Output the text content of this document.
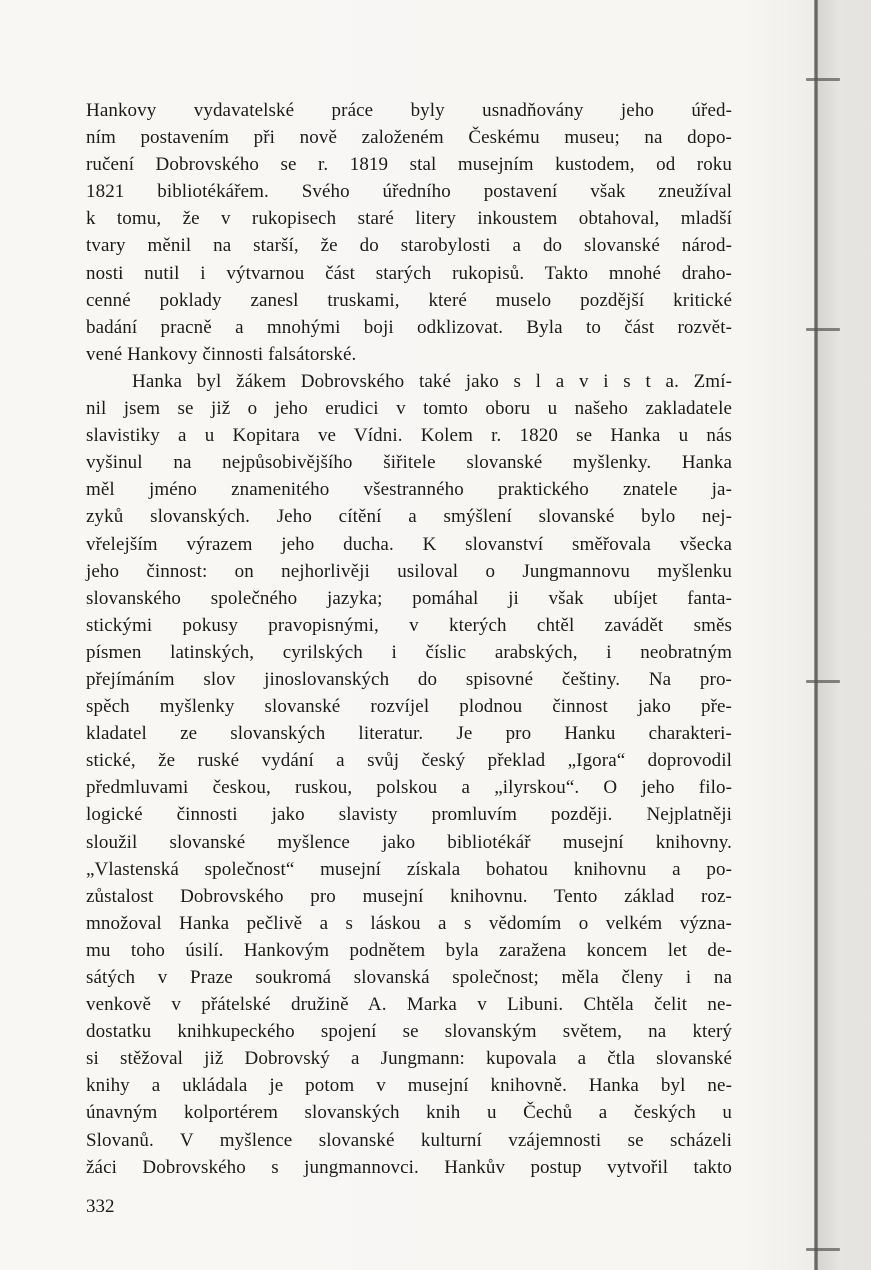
Hankovy vydavatelské práce byly usnadňovány jeho úřed-
ním postavením při nově založeném Českému museu; na dopo-
ručení Dobrovského se r. 1819 stal musejním kustodem, od roku
1821 bibliotékářem. Svého úředního postavení však zneužíval
k tomu, že v rukopisech staré litery inkoustem obtahoval, mladší
tvary měnil na starší, že do starobylosti a do slovanské národ-
nosti nutil i výtvarnou část starých rukopisů. Takto mnohé draho-
cenné poklady zanesl truskami, které muselo pozdější kritické
badání pracně a mnohými boji odklizovat. Byla to část rozvět-
vené Hankovy činnosti falsátorské.
Hanka byl žákem Dobrovského také jako s l a v i s t a. Zmí-
nil jsem se již o jeho erudici v tomto oboru u našeho zakladatele
slavistiky a u Kopitara ve Vídni. Kolem r. 1820 se Hanka u nás
vyšinul na nejpůsobivějšího šiřitele slovanské myšlenky. Hanka
měl jméno znamenitého všestranného praktického znatele ja-
zyků slovanských. Jeho cítění a smýšlení slovanské bylo nej-
vřelejším výrazem jeho ducha. K slovanství směřovala všecka
jeho činnost: on nejhorlivěji usiloval o Jungmannovu myšlenku
slovanského společného jazyka; pomáhal ji však ubíjet fanta-
stickými pokusy pravopisnými, v kterých chtěl zavádět směs
písmen latinských, cyrilských i číslic arabských, i neobratným
přejímáním slov jinoslovanských do spisovné češtiny. Na pro-
spěch myšlenky slovanské rozvíjel plodnou činnost jako pře-
kladatel ze slovanských literatur. Je pro Hanku charakteri-
stické, že ruské vydání a svůj český překlad „Igora“ doprovodil
předmluvami českou, ruskou, polskou a „ilyrskou“. O jeho filo-
logické činnosti jako slavisty promluvím později. Nejplatněji
sloužil slovanské myšlence jako bibliotékář musejní knihovny.
„Vlastenská společnost“ musejní získala bohatou knihovnu a po-
zůstalost Dobrovského pro musejní knihovnu. Tento základ roz-
množoval Hanka pečlivě a s láskou a s vědomím o velkém význa-
mu toho úsilí. Hankovým podnětem byla zaražena koncem let de-
sátých v Praze soukromá slovanská společnost; měla členy i na
venkově v přátelské družině A. Marka v Libuni. Chtěla čelit ne-
dostatku knihkupeckého spojení se slovanským světem, na který
si stěžoval již Dobrovský a Jungmann: kupovala a čtla slovanské
knihy a ukládala je potom v musejní knihovně. Hanka byl ne-
únavným kolportérem slovanských knih u Čechů a českých u
Slovanů. V myšlence slovanské kulturní vzájemnosti se scházeli
žáci Dobrovského s jungmannovci. Hankův postup vytvořil takto
332
